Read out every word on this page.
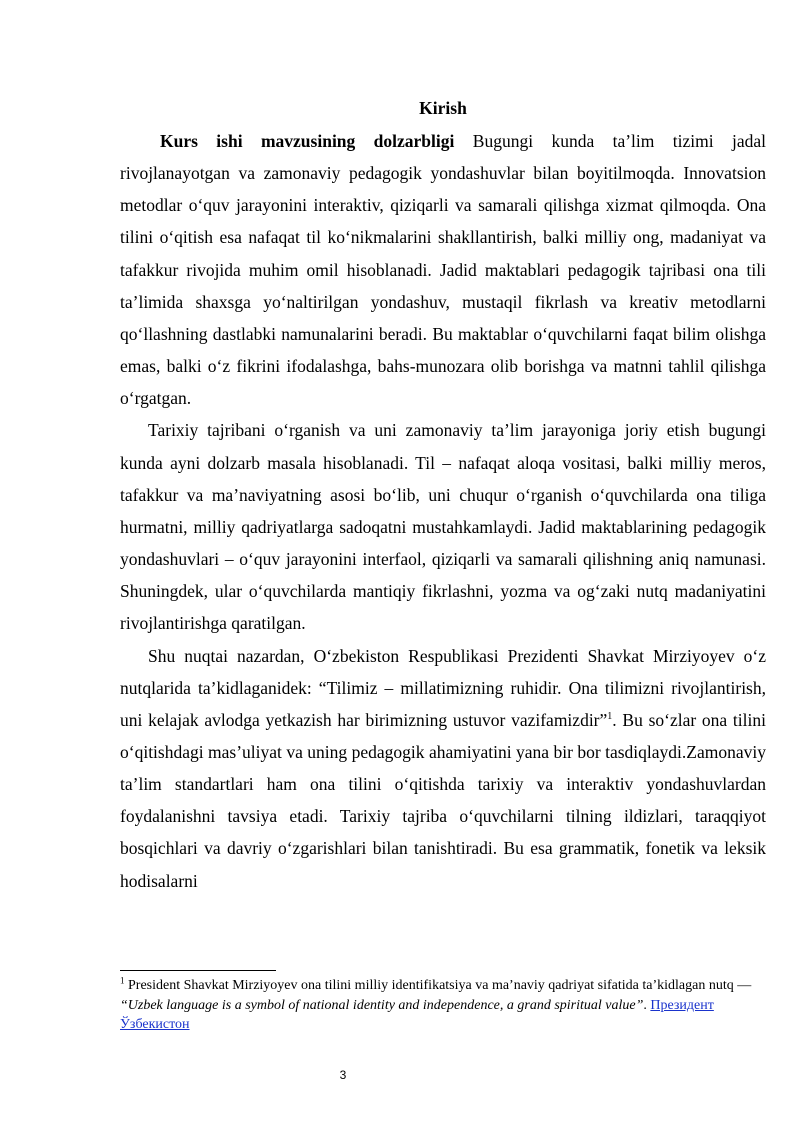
Kirish

Kurs ishi mavzusining dolzarbligi Bugungi kunda ta’lim tizimi jadal rivojlanayotgan va zamonaviy pedagogik yondashuvlar bilan boyitilmoqda. Innovatsion metodlar oʻquv jarayonini interaktiv, qiziqarli va samarali qilishga xizmat qilmoqda. Ona tilini oʻqitish esa nafaqat til koʻnikmalarini shakllantirish, balki milliy ong, madaniyat va tafakkur rivojida muhim omil hisoblanadi. Jadid maktablari pedagogik tajribasi ona tili ta’limida shaxsga yoʻnaltirilgan yondashuv, mustaqil fikrlash va kreativ metodlarni qoʻllashning dastlabki namunalarini beradi. Bu maktablar oʻquvchilarni faqat bilim olishga emas, balki oʻz fikrini ifodalashga, bahs-munozara olib borishga va matnni tahlil qilishga oʻrgatgan.

Tarixiy tajribani oʻrganish va uni zamonaviy ta’lim jarayoniga joriy etish bugungi kunda ayni dolzarb masala hisoblanadi. Til – nafaqat aloqa vositasi, balki milliy meros, tafakkur va ma’naviyatning asosi boʻlib, uni chuqur oʻrganish oʻquvchilarda ona tiliga hurmatni, milliy qadriyatlarga sadoqatni mustahkamlaydi. Jadid maktablarining pedagogik yondashuvlari – oʻquv jarayonini interfaol, qiziqarli va samarali qilishning aniq namunasi. Shuningdek, ular oʻquvchilarda mantiqiy fikrlashni, yozma va ogʻzaki nutq madaniyatini rivojlantirishga qaratilgan.

Shu nuqtai nazardan, Oʻzbekiston Respublikasi Prezidenti Shavkat Mirziyoyev oʻz nutqlarida ta’kidlaganidek: “Tilimiz – millatimizning ruhidir. Ona tilimizni rivojlantirish, uni kelajak avlodga yetkazish har birimizning ustuvor vazifamizdir”$^1$. Bu soʻzlar ona tilini oʻqitishdagi mas’uliyat va uning pedagogik ahamiyatini yana bir bor tasdiqlaydi.Zamonaviy ta’lim standartlari ham ona tilini oʻqitishda tarixiy va interaktiv yondashuvlardan foydalanishni tavsiya etadi. Tarixiy tajriba oʻquvchilarni tilning ildizlari, taraqqiyot bosqichlari va davriy oʻzgarishlari bilan tanishtiradi. Bu esa grammatik, fonetik va leksik hodisalarni

$^1$ President Shavkat Mirziyoyev ona tilini milliy identifikatsiya va ma’naviy qadriyat sifatida ta’kidlagan nutq — “Uzbek language is a symbol of national identity and independence, a grand spiritual value”. Президент Ўзбекистон

3
